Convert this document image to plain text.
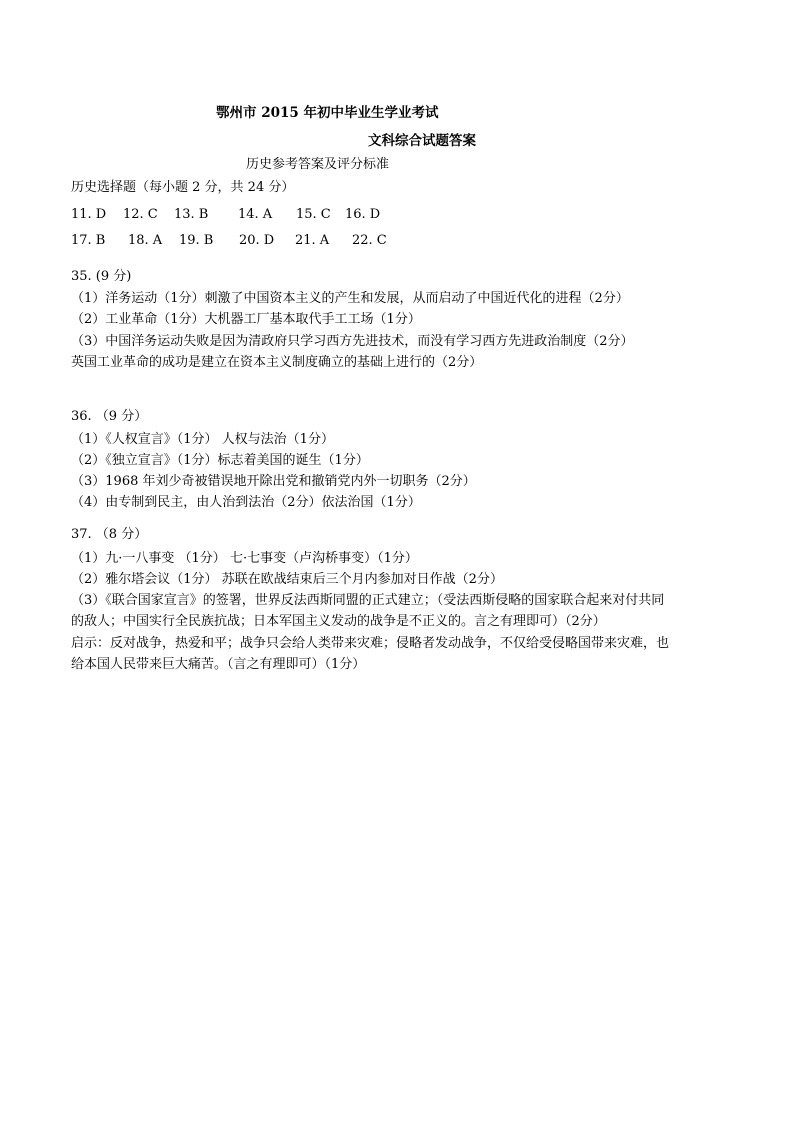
鄂州市 2015 年初中毕业生学业考试
文科综合试题答案
历史参考答案及评分标准
历史选择题（每小题 2 分，共 24 分）
11. D 12. C 13. B 14. A 15. C 16. D
17. B 18. A 19. B 20. D 21. A 22. C
35. (9 分)
（1）洋务运动（1分）刺激了中国资本主义的产生和发展，从而启动了中国近代化的进程（2分）
（2）工业革命（1分）大机器工厂基本取代手工工场（1分）
（3）中国洋务运动失败是因为清政府只学习西方先进技术，而没有学习西方先进政治制度（2分）
英国工业革命的成功是建立在资本主义制度确立的基础上进行的（2分）
36. （9 分）
（1）《人权宣言》（1分） 人权与法治（1分）
（2）《独立宣言》（1分）标志着美国的诞生（1分）
（3）1968 年刘少奇被错误地开除出党和撤销党内外一切职务（2分）
（4）由专制到民主，由人治到法治（2分）依法治国（1分）
37. （8 分）
（1）九·一八事变 （1分） 七·七事变（卢沟桥事变）（1分）
（2）雅尔塔会议（1分） 苏联在欧战结束后三个月内参加对日作战（2分）
（3）《联合国家宣言》的签署，世界反法西斯同盟的正式建立；（受法西斯侵略的国家联合起来对付共同
的敌人；中国实行全民族抗战；日本军国主义发动的战争是不正义的。言之有理即可）（2分）
启示：反对战争，热爱和平；战争只会给人类带来灾难；侵略者发动战争，不仅给受侵略国带来灾难，也
给本国人民带来巨大痛苦。（言之有理即可）（1分）
